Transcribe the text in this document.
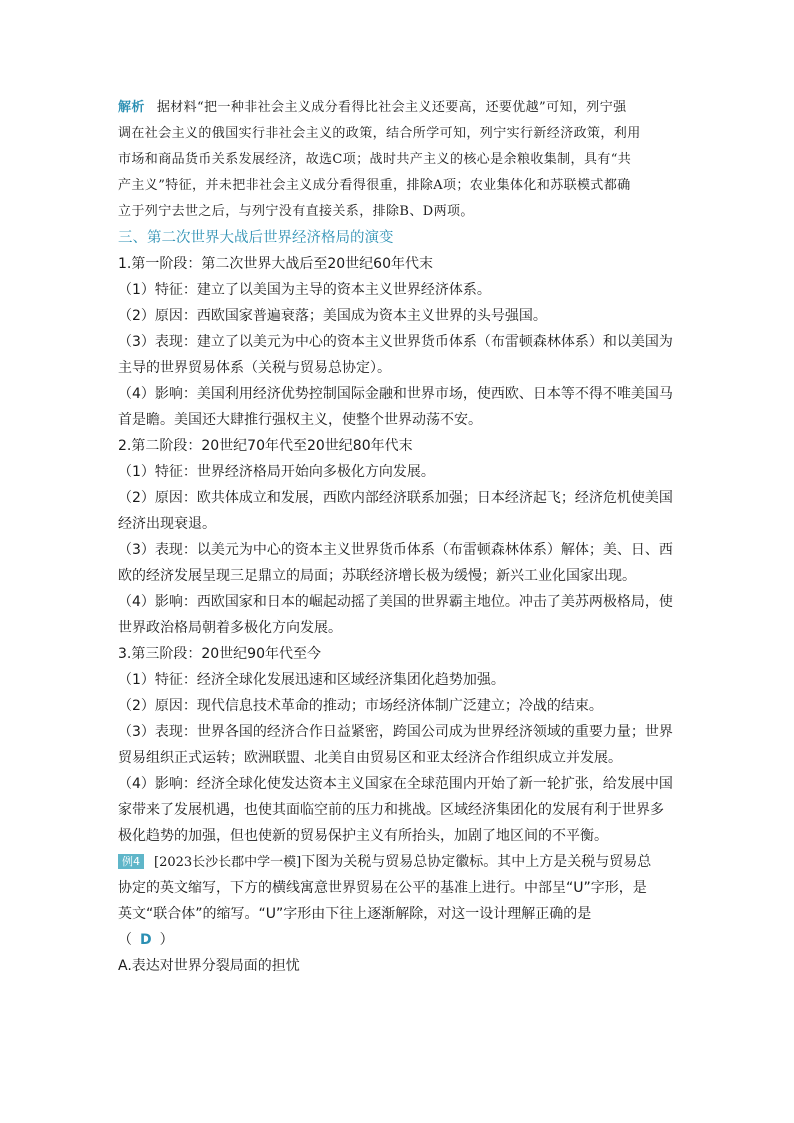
解析 据材料“把一种非社会主义成分看得比社会主义还要高，还要优越”可知，列宁强
调在社会主义的俄国实行非社会主义的政策，结合所学可知，列宁实行新经济政策，利用
市场和商品货币关系发展经济，故选C项；战时共产主义的核心是余粮收集制，具有“共
产主义”特征，并未把非社会主义成分看得很重，排除A项；农业集体化和苏联模式都确
立于列宁去世之后，与列宁没有直接关系，排除B、D两项。
三、第二次世界大战后世界经济格局的演变
1.第一阶段：第二次世界大战后至20世纪60年代末
（1）特征：建立了以美国为主导的资本主义世界经济体系。
（2）原因：西欧国家普遍衰落；美国成为资本主义世界的头号强国。
（3）表现：建立了以美元为中心的资本主义世界货币体系（布雷顿森林体系）和以美国为
主导的世界贸易体系（关税与贸易总协定）。
（4）影响：美国利用经济优势控制国际金融和世界市场，使西欧、日本等不得不唯美国马
首是瞻。美国还大肆推行强权主义，使整个世界动荡不安。
2.第二阶段：20世纪70年代至20世纪80年代末
（1）特征：世界经济格局开始向多极化方向发展。
（2）原因：欧共体成立和发展，西欧内部经济联系加强；日本经济起飞；经济危机使美国
经济出现衰退。
（3）表现：以美元为中心的资本主义世界货币体系（布雷顿森林体系）解体；美、日、西
欧的经济发展呈现三足鼎立的局面；苏联经济增长极为缓慢；新兴工业化国家出现。
（4）影响：西欧国家和日本的崛起动摇了美国的世界霸主地位。冲击了美苏两极格局，使
世界政治格局朝着多极化方向发展。
3.第三阶段：20世纪90年代至今
（1）特征：经济全球化发展迅速和区域经济集团化趋势加强。
（2）原因：现代信息技术革命的推动；市场经济体制广泛建立；冷战的结束。
（3）表现：世界各国的经济合作日益紧密，跨国公司成为世界经济领域的重要力量；世界
贸易组织正式运转；欧洲联盟、北美自由贸易区和亚太经济合作组织成立并发展。
（4）影响：经济全球化使发达资本主义国家在全球范围内开始了新一轮扩张，给发展中国
家带来了发展机遇，也使其面临空前的压力和挑战。区域经济集团化的发展有利于世界多
极化趋势的加强，但也使新的贸易保护主义有所抬头，加剧了地区间的不平衡。
例4 [2023长沙长郡中学一模]下图为关税与贸易总协定徽标。其中上方是关税与贸易总
协定的英文缩写，下方的横线寓意世界贸易在公平的基准上进行。中部呈“U”字形，是
英文“联合体”的缩写。“U”字形由下往上逐渐解除，对这一设计理解正确的是
（ D ）
A.表达对世界分裂局面的担忧
